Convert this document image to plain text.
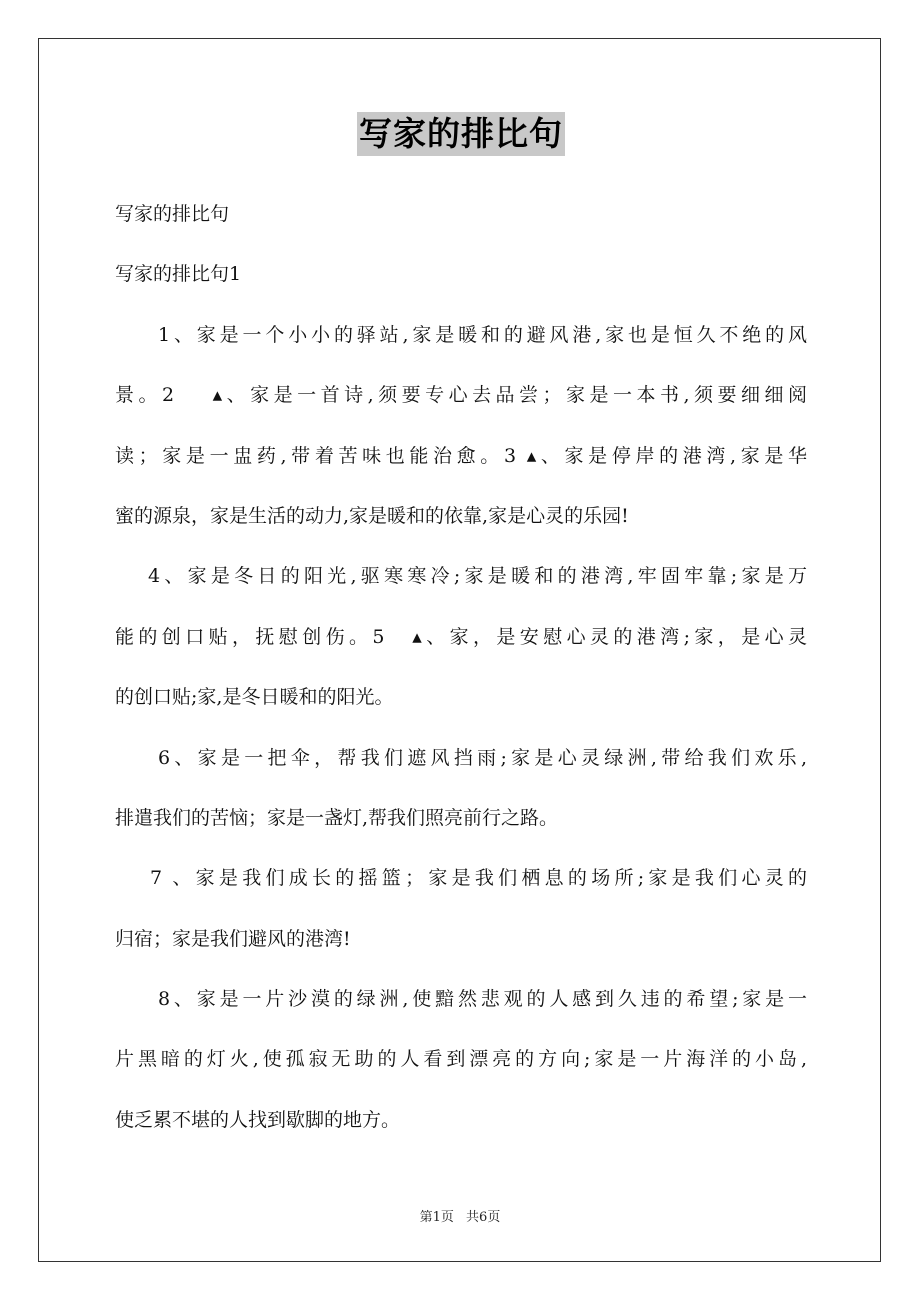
写家的排比句
写家的排比句
写家的排比句1
1、家是一个小小的驿站,家是暖和的避风港,家也是恒久不绝的风
景。2　 ▴、家是一首诗,须要专心去品尝；家是一本书,须要细细阅
读；家是一盅药,带着苦味也能治愈。3 ▴、家是停岸的港湾,家是华
蜜的源泉，家是生活的动力,家是暖和的依靠,家是心灵的乐园!
4、家是冬日的阳光,驱寒寒冷;家是暖和的港湾,牢固牢靠;家是万
能的创口贴，抚慰创伤。5　▴、家，是安慰心灵的港湾;家，是心灵
的创口贴;家,是冬日暖和的阳光。
6、家是一把伞，帮我们遮风挡雨;家是心灵绿洲,带给我们欢乐,
排遣我们的苦恼；家是一盏灯,帮我们照亮前行之路。
7 、家是我们成长的摇篮；家是我们栖息的场所;家是我们心灵的
归宿；家是我们避风的港湾!
8、家是一片沙漠的绿洲,使黯然悲观的人感到久违的希望;家是一
片黑暗的灯火,使孤寂无助的人看到漂亮的方向;家是一片海洋的小岛,
使乏累不堪的人找到歇脚的地方。
第1页 共6页
